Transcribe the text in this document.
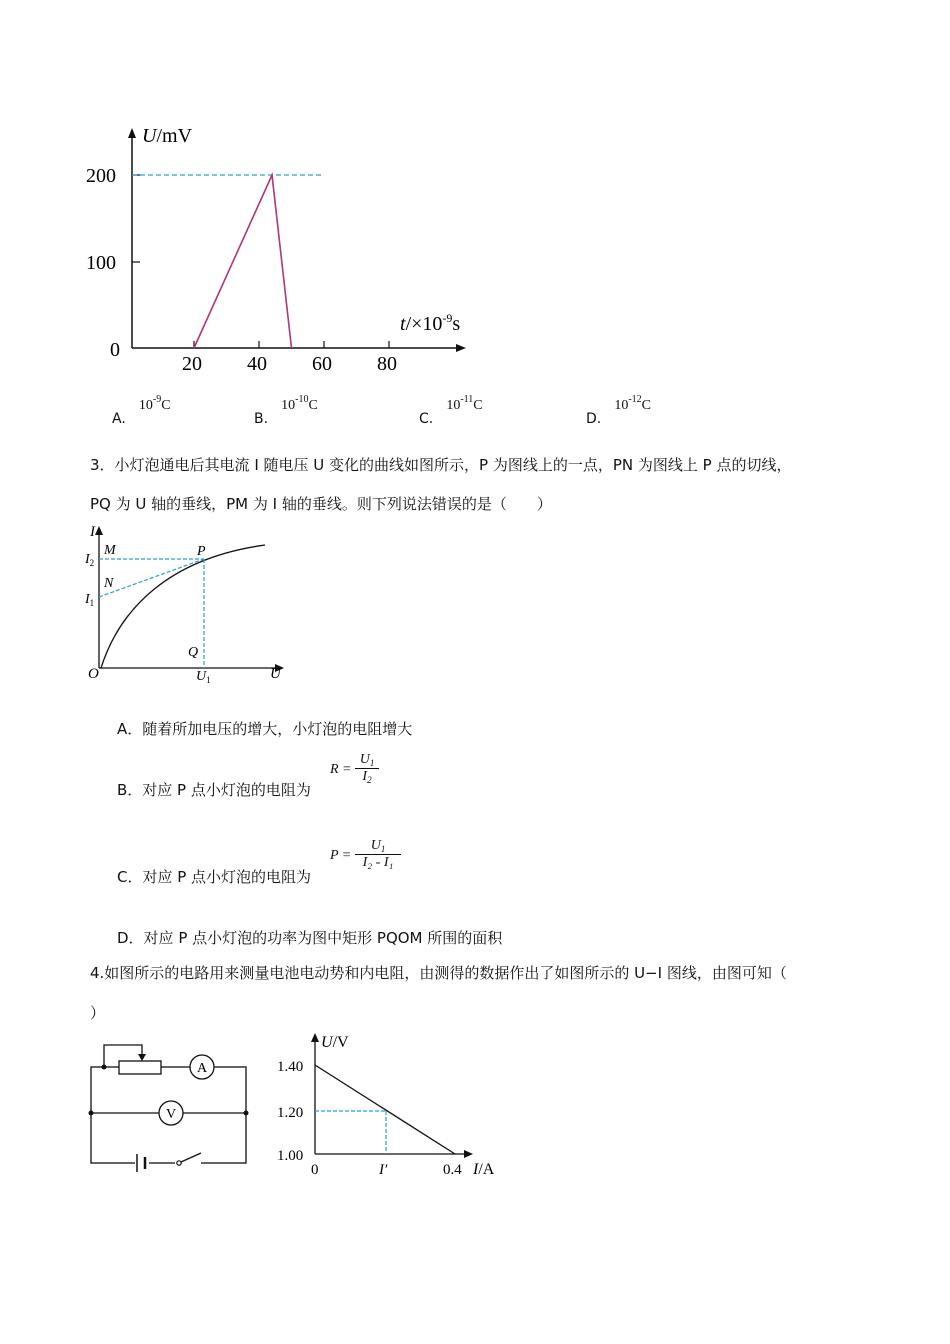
200
100
0
20 40 60 80
U/mV
$t/\times 10^{-9}s$
A. $10^{-9}C$
B. $10^{-10}C$
C. $10^{-11}C$
D. $10^{-12}C$
3．小灯泡通电后其电流 I 随电压 U 变化的曲线如图所示，P 为图线上的一点，PN 为图线上 P 点的切线，
PQ 为 U 轴的垂线，PM 为 I 轴的垂线。则下列说法错误的是（　　）
I
U
O
M	P
N
Q
$I_2$
$I_1$
$U_1$
A．随着所加电压的增大，小灯泡的电阻增大
B．对应 P 点小灯泡的电阻为
R =
$U_1$
$I_2$
C．对应 P 点小灯泡的电阻为
P =
$U_1$
I₂ - I₁
D．对应 P 点小灯泡的功率为图中矩形 PQOM 所围的面积
4.如图所示的电路用来测量电池电动势和内电阻，由测得的数据作出了如图所示的 U−I 图线，由图可知（
）
A
V
U/V
I/A
1.40
1.20
1.00
0	I′	0.4
